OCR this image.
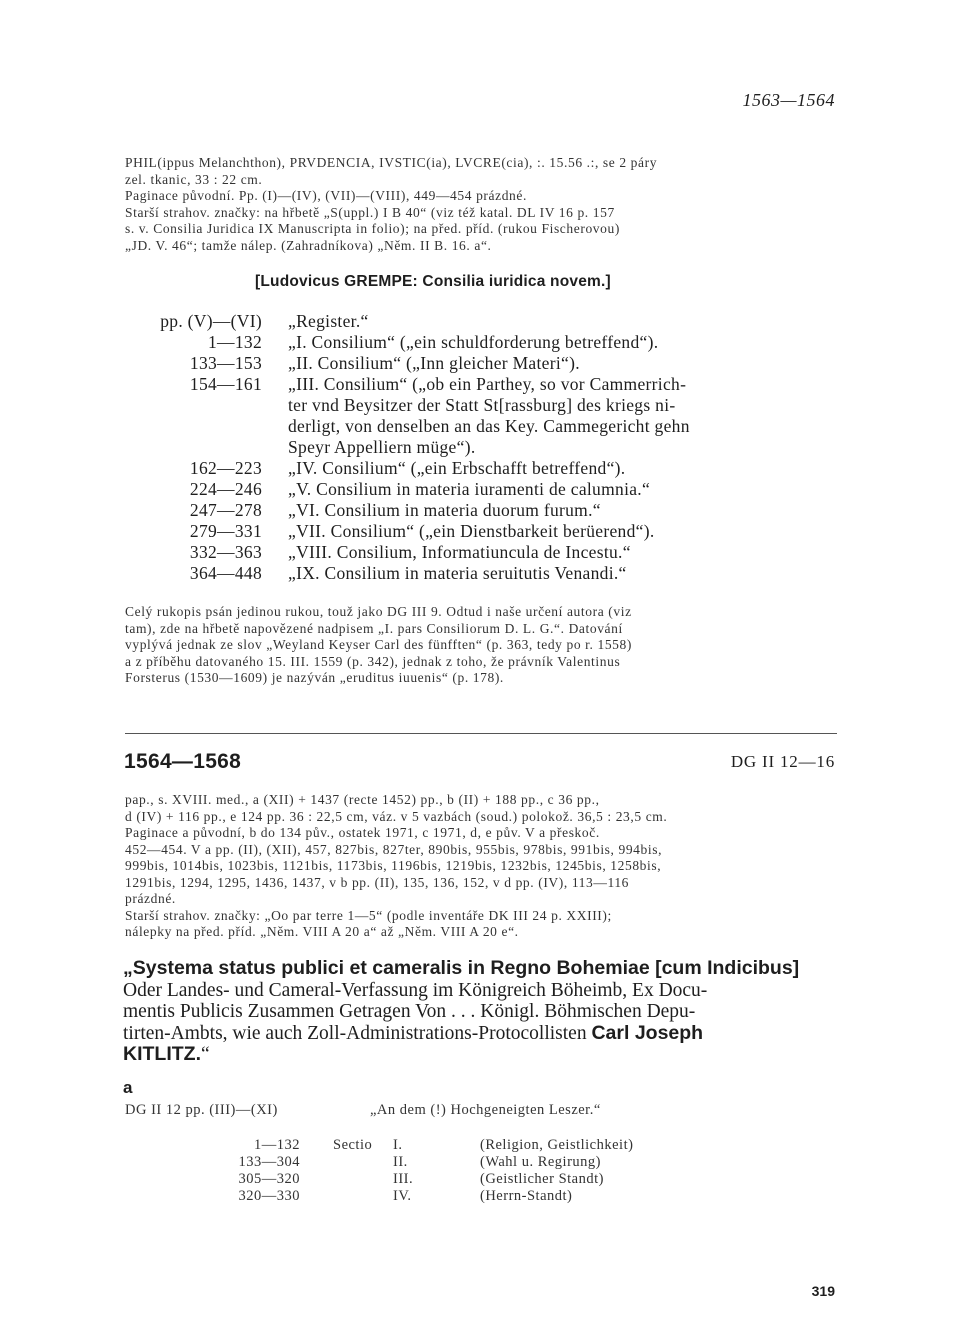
1563—1564
PHIL(ippus Melanchthon), PRVDENCIA, IVSTIC(ia), LVCRE(cia), :. 15.56 .:, se 2 páry
zel. tkanic, 33 : 22 cm.
Paginace původní. Pp. (I)—(IV), (VII)—(VIII), 449—454 prázdné.
Starší strahov. značky: na hřbetě „S(uppl.) I B 40“ (viz též katal. DL IV 16 p. 157
s. v. Consilia Juridica IX Manuscripta in folio); na před. příd. (rukou Fischerovou)
„JD. V. 46“; tamže nálep. (Zahradníkova) „Něm. II B. 16. a“.
[Ludovicus GREMPE: Consilia iuridica novem.]
pp. (V)—(VI) „Register.“
1—132 „I. Consilium“ („ein schuldforderung betreffend“).
133—153 „II. Consilium“ („Inn gleicher Materi“).
154—161 „III. Consilium“ („ob ein Parthey, so vor Cammerrich-
ter vnd Beysitzer der Statt St[rassburg] des kriegs ni-
derligt, von denselben an das Key. Cammegericht gehn
Speyr Appelliern müge“).
162—223 „IV. Consilium“ („ein Erbschafft betreffend“).
224—246 „V. Consilium in materia iuramenti de calumnia.“
247—278 „VI. Consilium in materia duorum furum.“
279—331 „VII. Consilium“ („ein Dienstbarkeit berüerend“).
332—363 „VIII. Consilium, Informatiuncula de Incestu.“
364—448 „IX. Consilium in materia seruitutis Venandi.“
Celý rukopis psán jedinou rukou, touž jako DG III 9. Odtud i naše určení autora (viz
tam), zde na hřbetě napovězené nadpisem „I. pars Consiliorum D. L. G.“. Datování
vyplývá jednak ze slov „Weyland Keyser Carl des fünfften“ (p. 363, tedy po r. 1558)
a z příběhu datovaného 15. III. 1559 (p. 342), jednak z toho, že právník Valentinus
Forsterus (1530—1609) je nazýván „eruditus iuuenis“ (p. 178).
1564—1568	DG II 12—16
pap., s. XVIII. med., a (XII) + 1437 (recte 1452) pp., b (II) + 188 pp., c 36 pp.,
d (IV) + 116 pp., e 124 pp. 36 : 22,5 cm, váz. v 5 vazbách (soud.) polokož. 36,5 : 23,5 cm.
Paginace a původní, b do 134 pův., ostatek 1971, c 1971, d, e pův. V a přeskoč.
452—454. V a pp. (II), (XII), 457, 827bis, 827ter, 890bis, 955bis, 978bis, 991bis, 994bis,
999bis, 1014bis, 1023bis, 1121bis, 1173bis, 1196bis, 1219bis, 1232bis, 1245bis, 1258bis,
1291bis, 1294, 1295, 1436, 1437, v b pp. (II), 135, 136, 152, v d pp. (IV), 113—116
prázdné.
Starší strahov. značky: „Oo par terre 1—5“ (podle inventáře DK III 24 p. XXIII);
nálepky na před. příd. „Něm. VIII A 20 a“ až „Něm. VIII A 20 e“.
„Systema status publici et cameralis in Regno Bohemiae [cum Indicibus]
Oder Landes- und Cameral-Verfassung im Königreich Böheimb, Ex Docu-
mentis Publicis Zusammen Getragen Von . . . Königl. Böhmischen Depu-
tirten-Ambts, wie auch Zoll-Administrations-Protocollisten Carl Joseph
KITLITZ.“
a
DG II 12 pp. (III)—(XI)	„An dem (!) Hochgeneigten Leszer.“
1—132 Sectio I.	(Religion, Geistlichkeit)
133—304	II.	(Wahl u. Regirung)
305—320	III.	(Geistlicher Standt)
320—330	IV.	(Herrn-Standt)
319
